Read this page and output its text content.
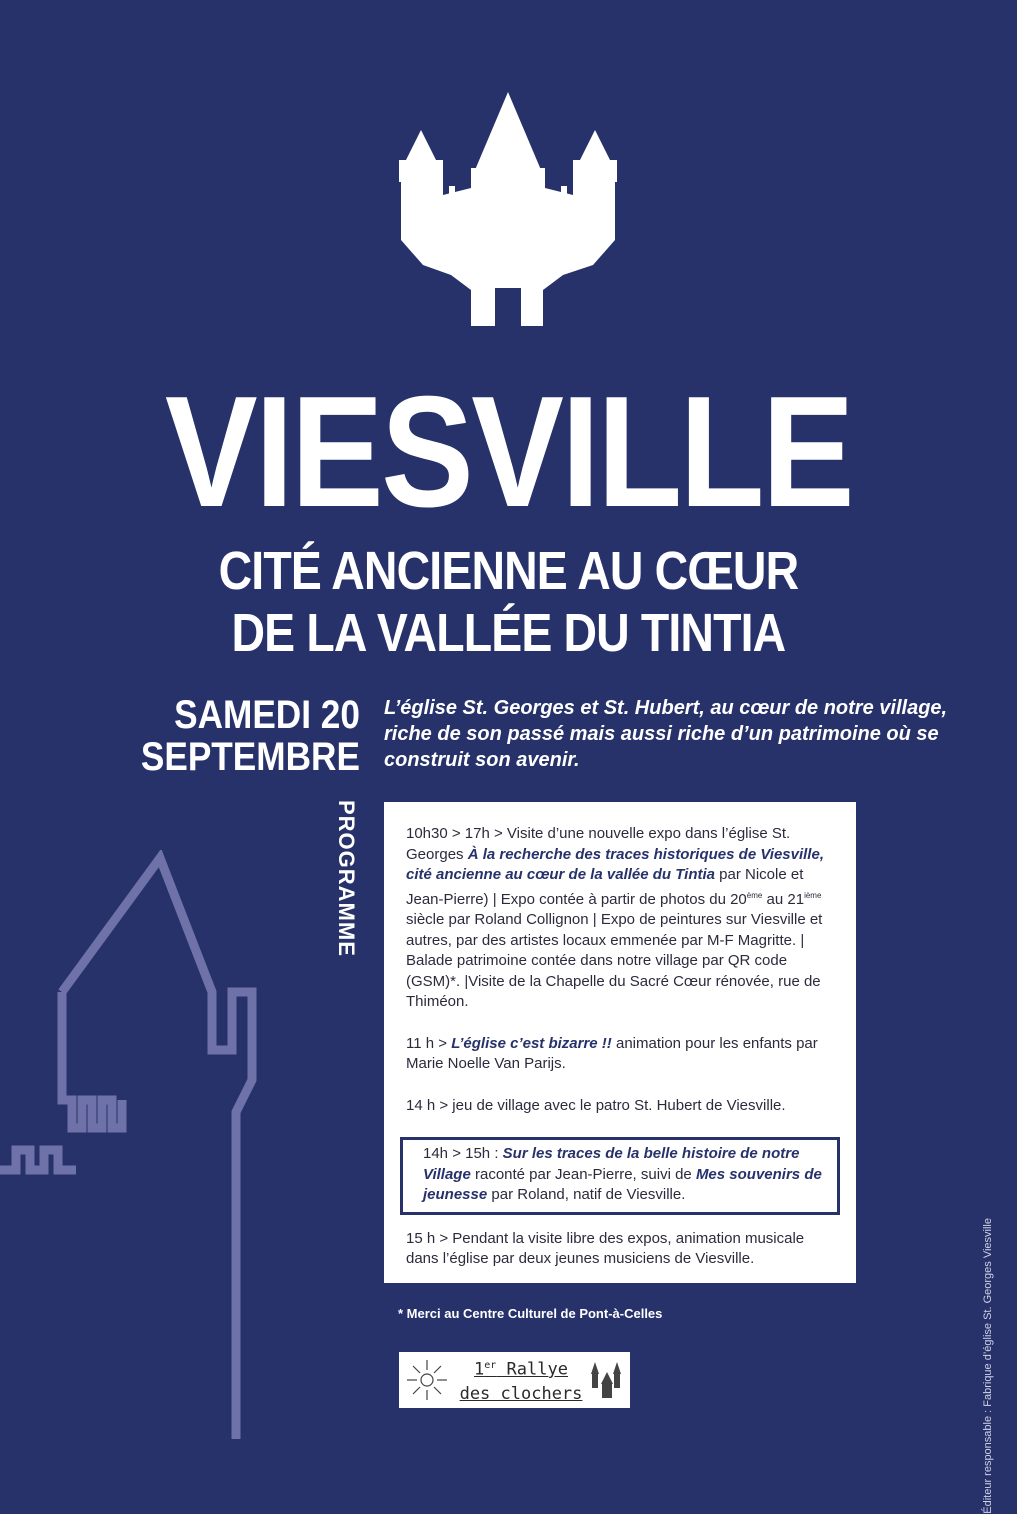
VIESVILLE
CITÉ ANCIENNE AU CŒUR
DE LA VALLÉE DU TINTIA
SAMEDI 20
SEPTEMBRE
L’église St. Georges et St. Hubert, au cœur de notre village, riche de son passé mais aussi riche d’un patrimoine où se construit son avenir.
PROGRAMME	10h30 > 17h > Visite d’une nouvelle expo dans l’église St. Georges À la recherche des traces historiques de Viesville, cité ancienne au cœur de la vallée du Tintia par Nicole et Jean-Pierre) | Expo contée à partir de photos du 20ème au 21ième siècle par Roland Collignon | Expo de peintures sur Viesville et autres, par des artistes locaux emmenée par M-F Magritte. | Balade patrimoine contée dans notre village par QR code (GSM)*. |Visite de la Chapelle du Sacré Cœur rénovée, rue de Thiméon.

11 h > L’église c’est bizarre !! animation pour les enfants par Marie Noelle Van Parijs.

14 h > jeu de village avec le patro St. Hubert de Viesville.

14h > 15h : Sur les traces de la belle histoire de notre Village raconté par Jean-Pierre, suivi de Mes souvenirs de jeunesse par Roland, natif de Viesville.

15 h > Pendant la visite libre des expos, animation musicale dans l’église par deux jeunes musiciens de Viesville.

* Merci au Centre Culturel de Pont-à-Celles
1er Rallye
des clochers	Éditeur responsable : Fabrique d’église St. Georges Viesville
